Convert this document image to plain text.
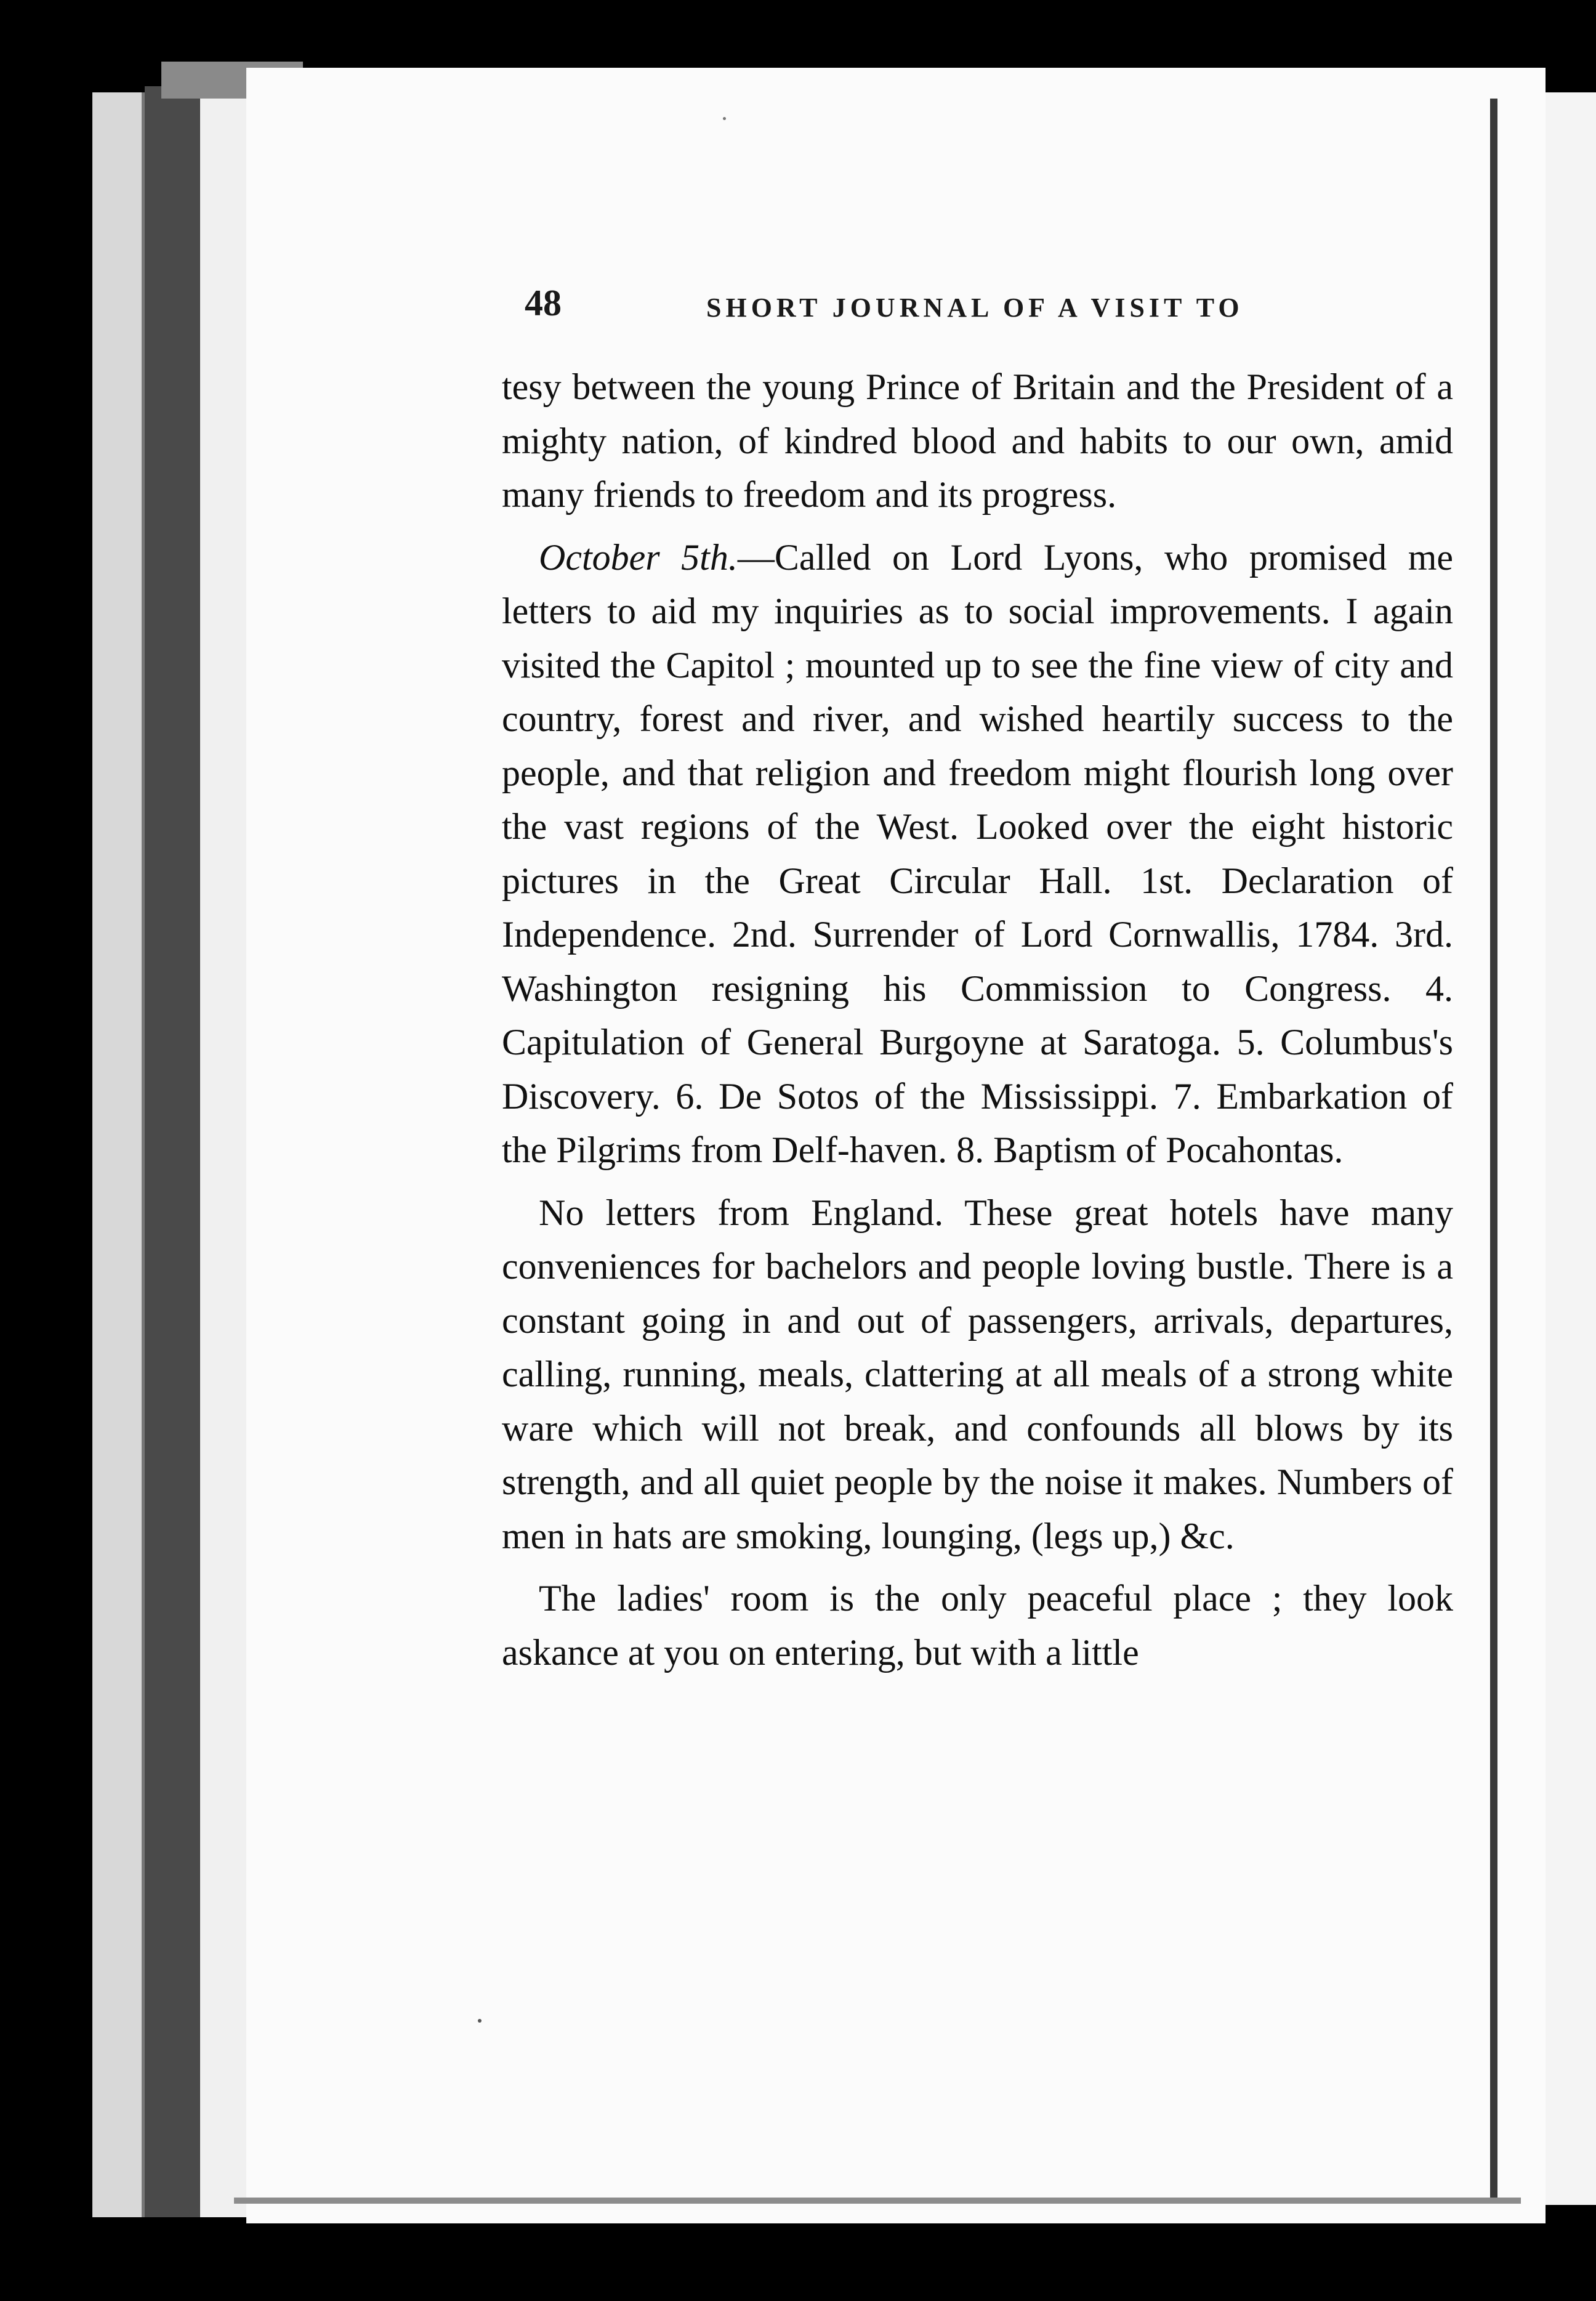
48	SHORT JOURNAL OF A VISIT TO

tesy between the young Prince of Britain and the President of a mighty nation, of kindred blood and habits to our own, amid many friends to freedom and its progress.

October 5th.—Called on Lord Lyons, who promised me letters to aid my inquiries as to social improvements. I again visited the Capitol ; mounted up to see the fine view of city and country, forest and river, and wished heartily success to the people, and that religion and freedom might flourish long over the vast regions of the West. Looked over the eight historic pictures in the Great Circular Hall. 1st. Declaration of Independence. 2nd. Surrender of Lord Cornwallis, 1784. 3rd. Washington resigning his Commission to Congress. 4. Capitulation of General Burgoyne at Saratoga. 5. Columbus's Discovery. 6. De Sotos of the Mississippi. 7. Embarkation of the Pilgrims from Delf-haven. 8. Baptism of Pocahontas.

No letters from England. These great hotels have many conveniences for bachelors and people loving bustle. There is a constant going in and out of passengers, arrivals, departures, calling, running, meals, clattering at all meals of a strong white ware which will not break, and confounds all blows by its strength, and all quiet people by the noise it makes. Numbers of men in hats are smoking, lounging, (legs up,) &c.

The ladies' room is the only peaceful place ; they look askance at you on entering, but with a little
